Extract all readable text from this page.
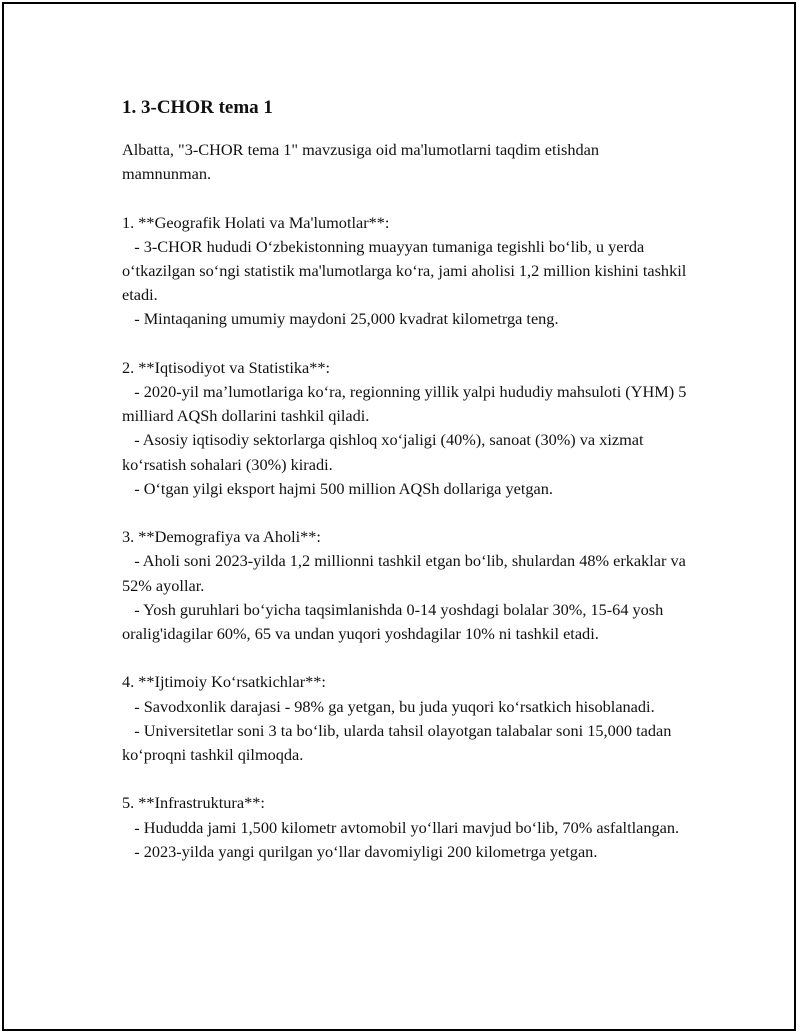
1. 3-CHOR tema 1
Albatta, "3-CHOR tema 1" mavzusiga oid ma'lumotlarni taqdim etishdan mamnunman.
1. **Geografik Holati va Ma'lumotlar**:
- 3-CHOR hududi O‘zbekistonning muayyan tumaniga tegishli bo‘lib, u yerda o‘tkazilgan so‘ngi statistik ma'lumotlarga ko‘ra, jami aholisi 1,2 million kishini tashkil etadi.
- Mintaqaning umumiy maydoni 25,000 kvadrat kilometrga teng.
2. **Iqtisodiyot va Statistika**:
- 2020-yil ma’lumotlariga ko‘ra, regionning yillik yalpi hududiy mahsuloti (YHM) 5 milliard AQSh dollarini tashkil qiladi.
- Asosiy iqtisodiy sektorlarga qishloq xo‘jaligi (40%), sanoat (30%) va xizmat ko‘rsatish sohalari (30%) kiradi.
- O‘tgan yilgi eksport hajmi 500 million AQSh dollariga yetgan.
3. **Demografiya va Aholi**:
- Aholi soni 2023-yilda 1,2 millionni tashkil etgan bo‘lib, shulardan 48% erkaklar va 52% ayollar.
- Yosh guruhlari bo‘yicha taqsimlanishda 0-14 yoshdagi bolalar 30%, 15-64 yosh oralig'idagilar 60%, 65 va undan yuqori yoshdagilar 10% ni tashkil etadi.
4. **Ijtimoiy Ko‘rsatkichlar**:
- Savodxonlik darajasi - 98% ga yetgan, bu juda yuqori ko‘rsatkich hisoblanadi.
- Universitetlar soni 3 ta bo‘lib, ularda tahsil olayotgan talabalar soni 15,000 tadan ko‘proqni tashkil qilmoqda.
5. **Infrastruktura**:
- Hududda jami 1,500 kilometr avtomobil yo‘llari mavjud bo‘lib, 70% asfaltlangan.
- 2023-yilda yangi qurilgan yo‘llar davomiyligi 200 kilometrga yetgan.
